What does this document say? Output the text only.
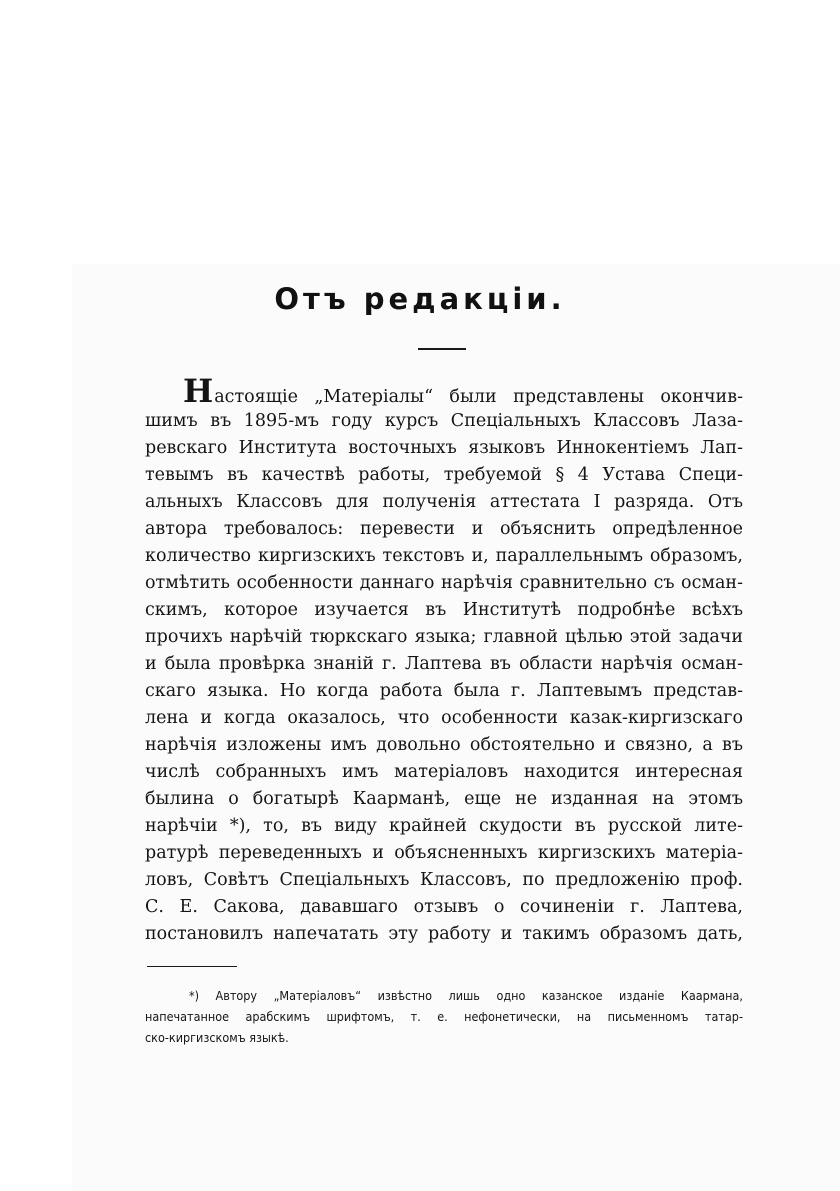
Отъ редакціи.
Настоящіе „Матеріалы“ были представлены окончив-
шимъ въ 1895-мъ году курсъ Спеціальныхъ Классовъ Лаза-
ревскаго Института восточныхъ языковъ Иннокентіемъ Лап-
тевымъ въ качествѣ работы, требуемой § 4 Устава Специ-
альныхъ Классовъ для полученія аттестата I разряда. Отъ
автора требовалось: перевести и объяснить опредѣленное
количество киргизскихъ текстовъ и, параллельнымъ образомъ,
отмѣтить особенности даннаго нарѣчія сравнительно съ осман-
скимъ, которое изучается въ Институтѣ подробнѣе всѣхъ
прочихъ нарѣчій тюркскаго языка; главной цѣлью этой задачи
и была провѣрка знаній г. Лаптева въ области нарѣчія осман-
скаго языка. Но когда работа была г. Лаптевымъ представ-
лена и когда оказалось, что особенности казак-киргизскаго
нарѣчія изложены имъ довольно обстоятельно и связно, а въ
числѣ собранныхъ имъ матеріаловъ находится интересная
былина о богатырѣ Каарманѣ, еще не изданная на этомъ
нарѣчіи *), то, въ виду крайней скудости въ русской лите-
ратурѣ переведенныхъ и объясненныхъ киргизскихъ матеріа-
ловъ, Совѣтъ Спеціальныхъ Классовъ, по предложенію проф.
С. Е. Сакова, дававшаго отзывъ о сочиненіи г. Лаптева,
постановилъ напечатать эту работу и такимъ образомъ дать,
*) Автору „Матеріаловъ“ извѣстно лишь одно казанское изданіе Каармана,
напечатанное арабскимъ шрифтомъ, т. е. нефонетически, на письменномъ татар-
ско-киргизскомъ языкѣ.
